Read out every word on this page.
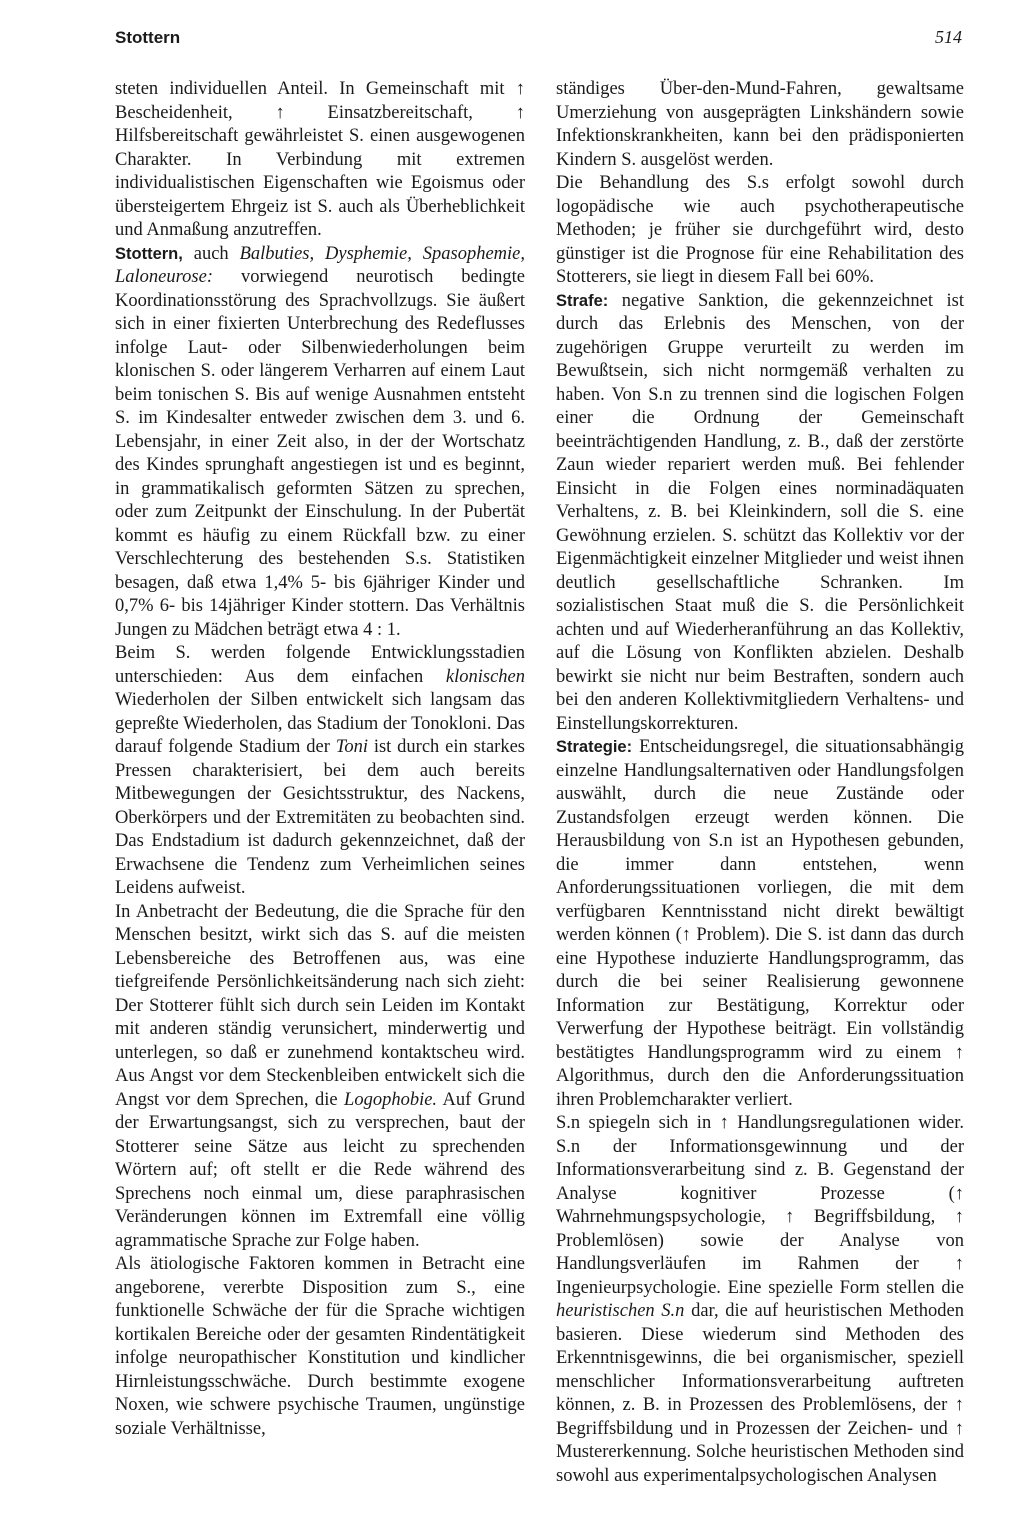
Stottern	514

steten individuellen Anteil. In Gemeinschaft mit ↑ Bescheidenheit, ↑ Einsatzbereitschaft, ↑ Hilfsbereitschaft gewährleistet S. einen ausgewogenen Charakter. In Verbindung mit extremen individualistischen Eigenschaften wie Egoismus oder übersteigertem Ehrgeiz ist S. auch als Überheblichkeit und Anmaßung anzutreffen.

Stottern, auch Balbuties, Dysphemie, Spasophemie, Laloneurose: vorwiegend neurotisch bedingte Koordinationsstörung des Sprachvollzugs. Sie äußert sich in einer fixierten Unterbrechung des Redeflusses infolge Laut- oder Silbenwiederholungen beim klonischen S. oder längerem Verharren auf einem Laut beim tonischen S. Bis auf wenige Ausnahmen entsteht S. im Kindesalter entweder zwischen dem 3. und 6. Lebensjahr, in einer Zeit also, in der der Wortschatz des Kindes sprunghaft angestiegen ist und es beginnt, in grammatikalisch geformten Sätzen zu sprechen, oder zum Zeitpunkt der Einschulung. In der Pubertät kommt es häufig zu einem Rückfall bzw. zu einer Verschlechterung des bestehenden S.s. Statistiken besagen, daß etwa 1,4% 5- bis 6jähriger Kinder und 0,7% 6- bis 14jähriger Kinder stottern. Das Verhältnis Jungen zu Mädchen beträgt etwa 4 : 1.

Beim S. werden folgende Entwicklungsstadien unterschieden: Aus dem einfachen klonischen Wiederholen der Silben entwickelt sich langsam das gepreßte Wiederholen, das Stadium der Tonokloni. Das darauf folgende Stadium der Toni ist durch ein starkes Pressen charakterisiert, bei dem auch bereits Mitbewegungen der Gesichtsstruktur, des Nackens, Oberkörpers und der Extremitäten zu beobachten sind. Das Endstadium ist dadurch gekennzeichnet, daß der Erwachsene die Tendenz zum Verheimlichen seines Leidens aufweist.

In Anbetracht der Bedeutung, die die Sprache für den Menschen besitzt, wirkt sich das S. auf die meisten Lebensbereiche des Betroffenen aus, was eine tiefgreifende Persönlichkeitsänderung nach sich zieht: Der Stotterer fühlt sich durch sein Leiden im Kontakt mit anderen ständig verunsichert, minderwertig und unterlegen, so daß er zunehmend kontaktscheu wird. Aus Angst vor dem Steckenbleiben entwickelt sich die Angst vor dem Sprechen, die Logophobie. Auf Grund der Erwartungsangst, sich zu versprechen, baut der Stotterer seine Sätze aus leicht zu sprechenden Wörtern auf; oft stellt er die Rede während des Sprechens noch einmal um, diese paraphrasischen Veränderungen können im Extremfall eine völlig agrammatische Sprache zur Folge haben.

Als ätiologische Faktoren kommen in Betracht eine angeborene, vererbte Disposition zum S., eine funktionelle Schwäche der für die Sprache wichtigen kortikalen Bereiche oder der gesamten Rindentätigkeit infolge neuropathischer Konstitution und kindlicher Hirnleistungsschwäche. Durch bestimmte exogene Noxen, wie schwere psychische Traumen, ungünstige soziale Verhältnisse,

ständiges Über-den-Mund-Fahren, gewaltsame Umerziehung von ausgeprägten Linkshändern sowie Infektionskrankheiten, kann bei den prädisponierten Kindern S. ausgelöst werden.

Die Behandlung des S.s erfolgt sowohl durch logopädische wie auch psychotherapeutische Methoden; je früher sie durchgeführt wird, desto günstiger ist die Prognose für eine Rehabilitation des Stotterers, sie liegt in diesem Fall bei 60%.

Strafe: negative Sanktion, die gekennzeichnet ist durch das Erlebnis des Menschen, von der zugehörigen Gruppe verurteilt zu werden im Bewußtsein, sich nicht normgemäß verhalten zu haben. Von S.n zu trennen sind die logischen Folgen einer die Ordnung der Gemeinschaft beeinträchtigenden Handlung, z. B., daß der zerstörte Zaun wieder repariert werden muß. Bei fehlender Einsicht in die Folgen eines norminadäquaten Verhaltens, z. B. bei Kleinkindern, soll die S. eine Gewöhnung erzielen. S. schützt das Kollektiv vor der Eigenmächtigkeit einzelner Mitglieder und weist ihnen deutlich gesellschaftliche Schranken. Im sozialistischen Staat muß die S. die Persönlichkeit achten und auf Wiederheranführung an das Kollektiv, auf die Lösung von Konflikten abzielen. Deshalb bewirkt sie nicht nur beim Bestraften, sondern auch bei den anderen Kollektivmitgliedern Verhaltens- und Einstellungskorrekturen.

Strategie: Entscheidungsregel, die situationsabhängig einzelne Handlungsalternativen oder Handlungsfolgen auswählt, durch die neue Zustände oder Zustandsfolgen erzeugt werden können. Die Herausbildung von S.n ist an Hypothesen gebunden, die immer dann entstehen, wenn Anforderungssituationen vorliegen, die mit dem verfügbaren Kenntnisstand nicht direkt bewältigt werden können (↑ Problem). Die S. ist dann das durch eine Hypothese induzierte Handlungsprogramm, das durch die bei seiner Realisierung gewonnene Information zur Bestätigung, Korrektur oder Verwerfung der Hypothese beiträgt. Ein vollständig bestätigtes Handlungsprogramm wird zu einem ↑ Algorithmus, durch den die Anforderungssituation ihren Problemcharakter verliert.

S.n spiegeln sich in ↑ Handlungsregulationen wider. S.n der Informationsgewinnung und der Informationsverarbeitung sind z. B. Gegenstand der Analyse kognitiver Prozesse (↑ Wahrnehmungspsychologie, ↑ Begriffsbildung, ↑ Problemlösen) sowie der Analyse von Handlungsverläufen im Rahmen der ↑ Ingenieurpsychologie. Eine spezielle Form stellen die heuristischen S.n dar, die auf heuristischen Methoden basieren. Diese wiederum sind Methoden des Erkenntnisgewinns, die bei organismischer, speziell menschlicher Informationsverarbeitung auftreten können, z. B. in Prozessen des Problemlösens, der ↑ Begriffsbildung und in Prozessen der Zeichen- und ↑ Mustererkennung. Solche heuristischen Methoden sind sowohl aus experimentalpsychologischen Analysen
